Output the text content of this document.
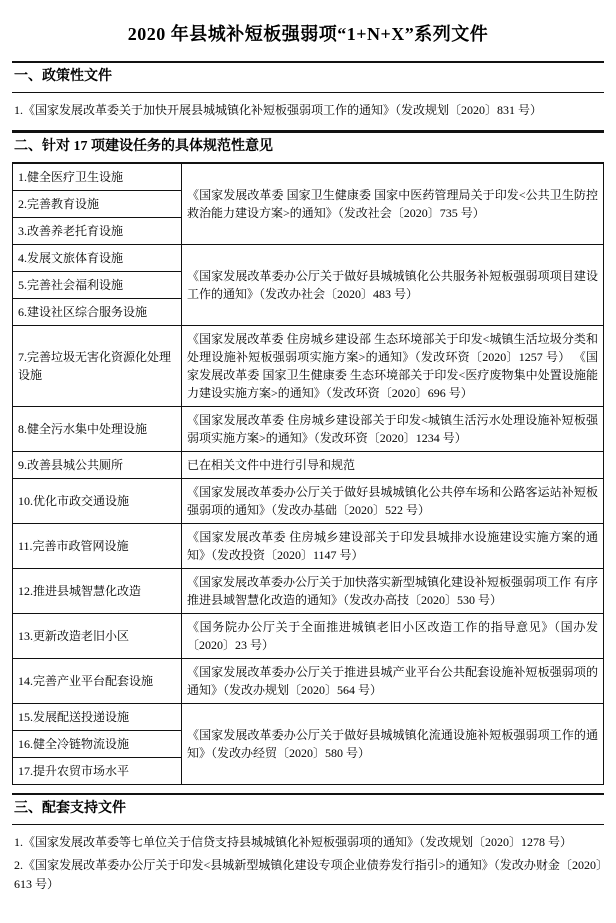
2020 年县城补短板强弱项“1+N+X”系列文件
一、政策性文件
1.《国家发展改革委关于加快开展县城城镇化补短板强弱项工作的通知》（发改规划〔2020〕831 号）
二、针对 17 项建设任务的具体规范性意见
1.健全医疗卫生设施	《国家发展改革委 国家卫生健康委 国家中医药管理局关于印发<公共卫生防控救治能力建设方案>的通知》（发改社会〔2020〕735 号）
2.完善教育设施	
3.改善养老托育设施	
4.发展文旅体育设施	《国家发展改革委办公厅关于做好县城城镇化公共服务补短板强弱项项目建设工作的通知》（发改办社会〔2020〕483 号）
5.完善社会福利设施	
6.建设社区综合服务设施	
7.完善垃圾无害化资源化处理设施	《国家发展改革委 住房城乡建设部 生态环境部关于印发<城镇生活垃圾分类和处理设施补短板强弱项实施方案>的通知》（发改环资〔2020〕1257 号） 《国家发展改革委 国家卫生健康委 生态环境部关于印发<医疗废物集中处置设施能力建设实施方案>的通知》（发改环资〔2020〕696 号）
8.健全污水集中处理设施	《国家发展改革委 住房城乡建设部关于印发<城镇生活污水处理设施补短板强弱项实施方案>的通知》（发改环资〔2020〕1234 号）
9.改善县城公共厕所	已在相关文件中进行引导和规范
10.优化市政交通设施	《国家发展改革委办公厅关于做好县城城镇化公共停车场和公路客运站补短板强弱项的通知》（发改办基础〔2020〕522 号）
11.完善市政管网设施	《国家发展改革委 住房城乡建设部关于印发县城排水设施建设实施方案的通知》（发改投资〔2020〕1147 号）
12.推进县城智慧化改造	《国家发展改革委办公厅关于加快落实新型城镇化建设补短板强弱项工作 有序推进县域智慧化改造的通知》（发改办高技〔2020〕530 号）
13.更新改造老旧小区	《国务院办公厅关于全面推进城镇老旧小区改造工作的指导意见》（国办发〔2020〕23 号）
14.完善产业平台配套设施	《国家发展改革委办公厅关于推进县城产业平台公共配套设施补短板强弱项的通知》（发改办规划〔2020〕564 号）
15.发展配送投递设施	《国家发展改革委办公厅关于做好县城城镇化流通设施补短板强弱项工作的通知》（发改办经贸〔2020〕580 号）
16.健全冷链物流设施	
17.提升农贸市场水平	
三、配套支持文件
1.《国家发展改革委等七单位关于信贷支持县城城镇化补短板强弱项的通知》（发改规划〔2020〕1278 号）
2.《国家发展改革委办公厅关于印发<县城新型城镇化建设专项企业债券发行指引>的通知》（发改办财金〔2020〕613 号）
